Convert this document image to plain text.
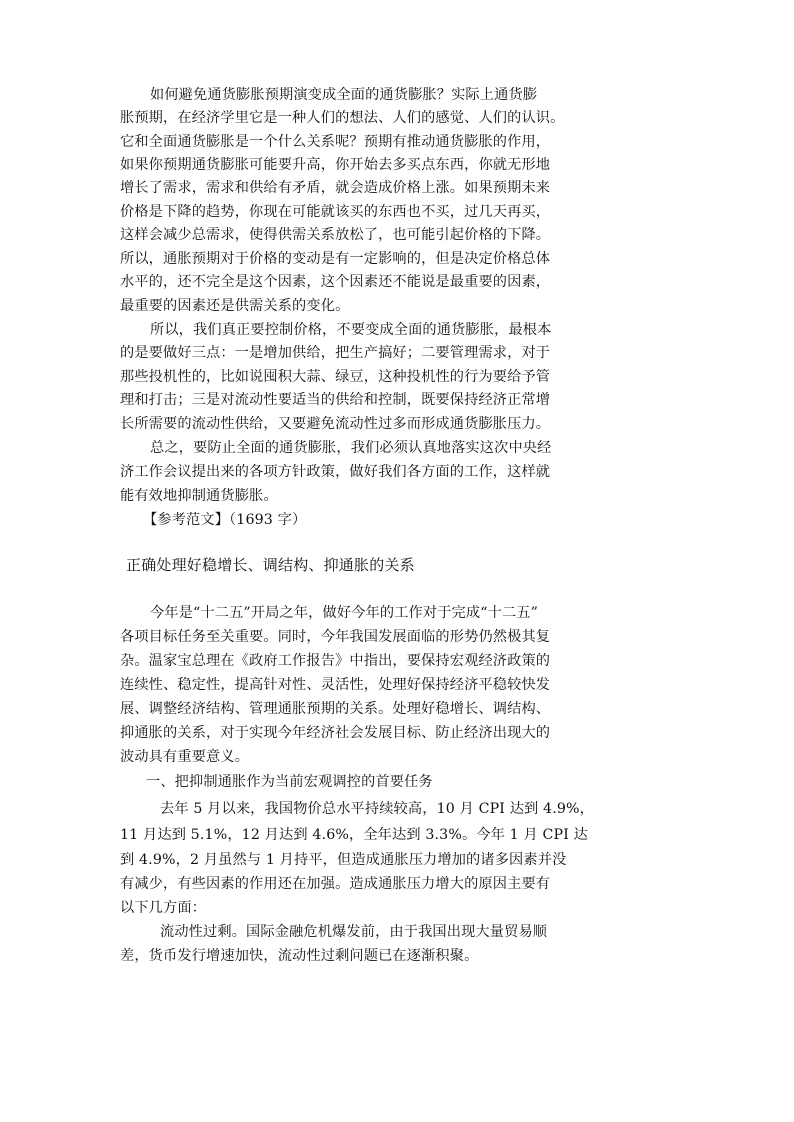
如何避免通货膨胀预期演变成全面的通货膨胀？实际上通货膨
胀预期，在经济学里它是一种人们的想法、人们的感觉、人们的认识。
它和全面通货膨胀是一个什么关系呢？预期有推动通货膨胀的作用，
如果你预期通货膨胀可能要升高，你开始去多买点东西，你就无形地
增长了需求，需求和供给有矛盾，就会造成价格上涨。如果预期未来
价格是下降的趋势，你现在可能就该买的东西也不买，过几天再买，
这样会减少总需求，使得供需关系放松了，也可能引起价格的下降。
所以，通胀预期对于价格的变动是有一定影响的，但是决定价格总体
水平的，还不完全是这个因素，这个因素还不能说是最重要的因素，
最重要的因素还是供需关系的变化。
所以，我们真正要控制价格，不要变成全面的通货膨胀，最根本
的是要做好三点：一是增加供给，把生产搞好；二要管理需求，对于
那些投机性的，比如说囤积大蒜、绿豆，这种投机性的行为要给予管
理和打击；三是对流动性要适当的供给和控制，既要保持经济正常增
长所需要的流动性供给，又要避免流动性过多而形成通货膨胀压力。
总之，要防止全面的通货膨胀，我们必须认真地落实这次中央经
济工作会议提出来的各项方针政策，做好我们各方面的工作，这样就
能有效地抑制通货膨胀。
【参考范文】（1693 字）
正确处理好稳增长、调结构、抑通胀的关系
今年是“十二五”开局之年，做好今年的工作对于完成“十二五”
各项目标任务至关重要。同时，今年我国发展面临的形势仍然极其复
杂。温家宝总理在《政府工作报告》中指出，要保持宏观经济政策的
连续性、稳定性，提高针对性、灵活性，处理好保持经济平稳较快发
展、调整经济结构、管理通胀预期的关系。处理好稳增长、调结构、
抑通胀的关系，对于实现今年经济社会发展目标、防止经济出现大的
波动具有重要意义。
一、把抑制通胀作为当前宏观调控的首要任务
去年 5 月以来，我国物价总水平持续较高，10 月 CPI 达到 4.9%，
11 月达到 5.1%，12 月达到 4.6%，全年达到 3.3%。今年 1 月 CPI 达
到 4.9%，2 月虽然与 1 月持平，但造成通胀压力增加的诸多因素并没
有减少，有些因素的作用还在加强。造成通胀压力增大的原因主要有
以下几方面：
流动性过剩。国际金融危机爆发前，由于我国出现大量贸易顺
差，货币发行增速加快，流动性过剩问题已在逐渐积聚。
